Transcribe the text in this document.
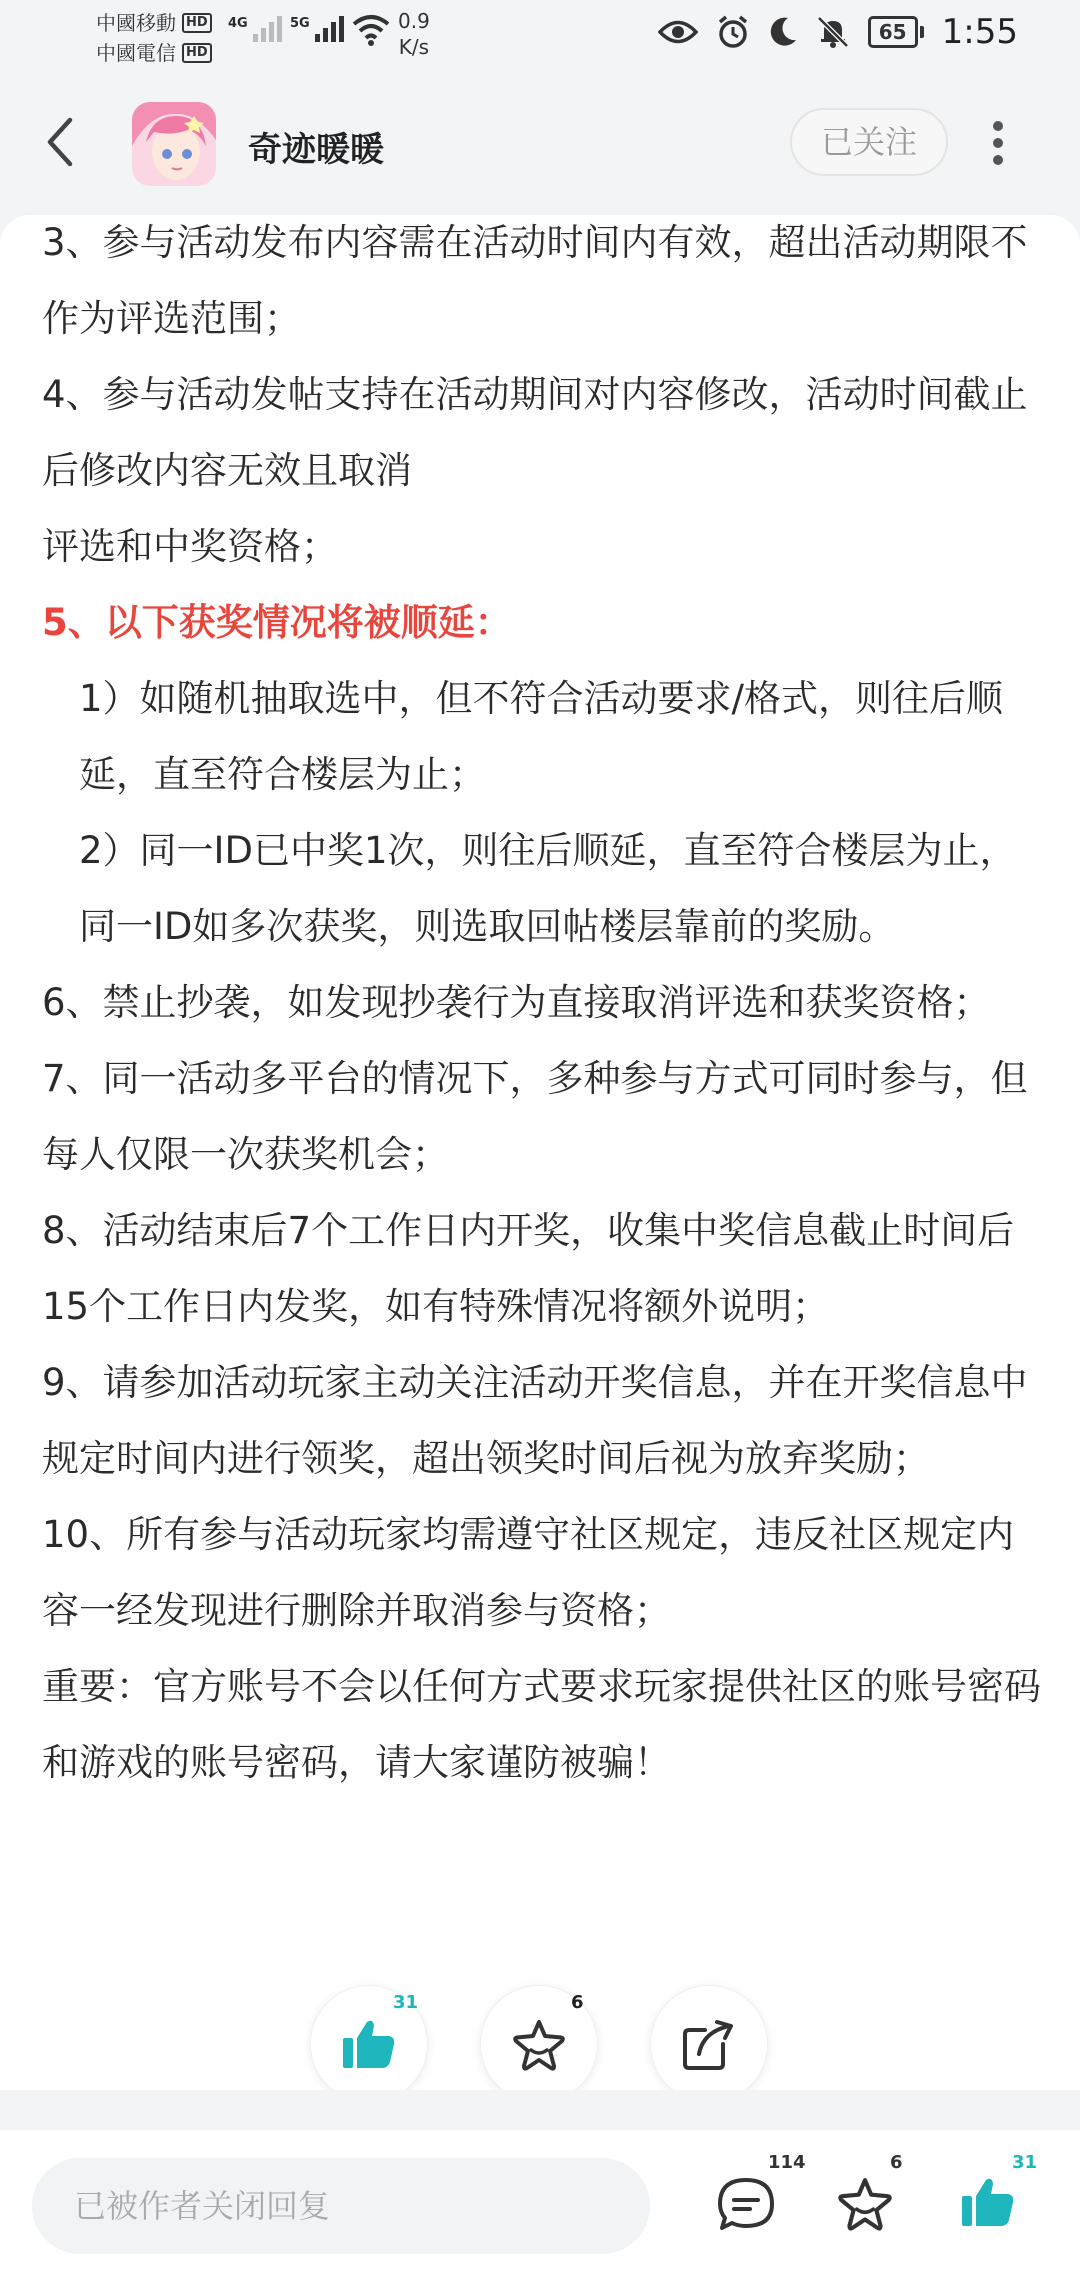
中國移動 HD
中國電信 HD
4G	5G	0.9
K/s
65	1:55
奇迹暖暖	已关注

3、参与活动发布内容需在活动时间内有效，超出活动期限不作为评选范围；

4、参与活动发帖支持在活动期间对内容修改，活动时间截止后修改内容无效且取消

评选和中奖资格；

5、以下获奖情况将被顺延：

1）如随机抽取选中，但不符合活动要求/格式，则往后顺延，直至符合楼层为止；

2）同一ID已中奖1次，则往后顺延，直至符合楼层为止，同一ID如多次获奖，则选取回帖楼层靠前的奖励。

6、禁止抄袭，如发现抄袭行为直接取消评选和获奖资格；

7、同一活动多平台的情况下，多种参与方式可同时参与，但每人仅限一次获奖机会；

8、活动结束后7个工作日内开奖，收集中奖信息截止时间后15个工作日内发奖，如有特殊情况将额外说明；

9、请参加活动玩家主动关注活动开奖信息，并在开奖信息中规定时间内进行领奖，超出领奖时间后视为放弃奖励；

10、所有参与活动玩家均需遵守社区规定，违反社区规定内容一经发现进行删除并取消参与资格；

重要：官方账号不会以任何方式要求玩家提供社区的账号密码和游戏的账号密码，请大家谨防被骗！

31	6
已被作者关闭回复
114	6	31
